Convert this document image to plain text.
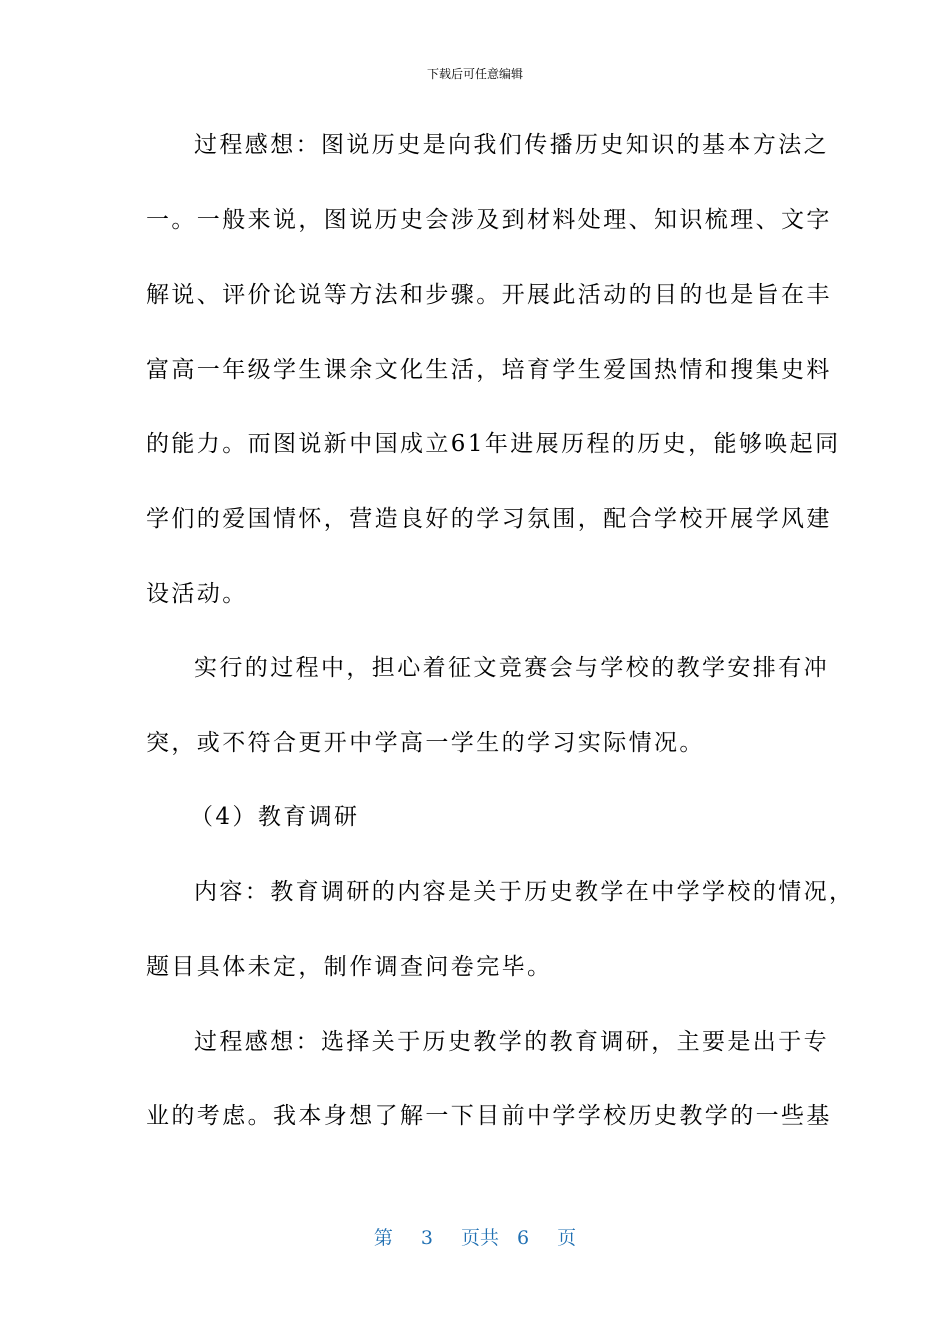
下载后可任意编辑
过程感想：图说历史是向我们传播历史知识的基本方法之
一。一般来说，图说历史会涉及到材料处理、知识梳理、文字
解说、评价论说等方法和步骤。开展此活动的目的也是旨在丰
富高一年级学生课余文化生活，培育学生爱国热情和搜集史料
的能力。而图说新中国成立61年进展历程的历史，能够唤起同
学们的爱国情怀，营造良好的学习氛围，配合学校开展学风建
设活动。
实行的过程中，担心着征文竞赛会与学校的教学安排有冲
突，或不符合更开中学高一学生的学习实际情况。
（4）教育调研
内容：教育调研的内容是关于历史教学在中学学校的情况，
题目具体未定，制作调查问卷完毕。
过程感想：选择关于历史教学的教育调研，主要是出于专
业的考虑。我本身想了解一下目前中学学校历史教学的一些基
第 3 页共 6 页
